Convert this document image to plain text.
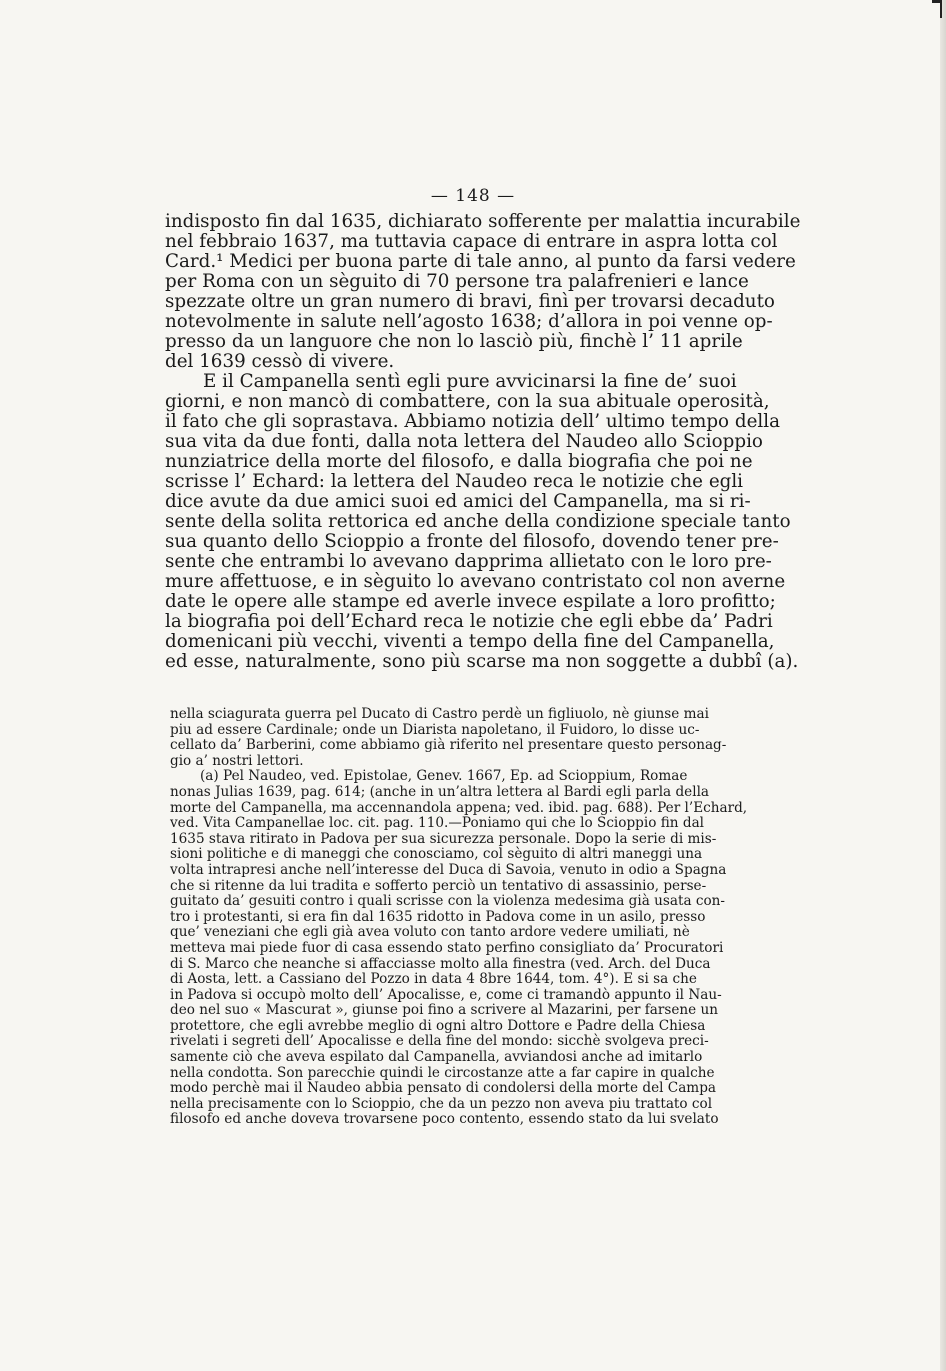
— 148 —
indisposto fin dal 1635, dichiarato sofferente per malattia incurabile
nel febbraio 1637, ma tuttavia capace di entrare in aspra lotta col
Card.¹ Medici per buona parte di tale anno, al punto da farsi vedere
per Roma con un sèguito di 70 persone tra palafrenieri e lance
spezzate oltre un gran numero di bravi, finì per trovarsi decaduto
notevolmente in salute nell’agosto 1638; d’allora in poi venne op-
presso da un languore che non lo lasciò più, finchè l’ 11 aprile
del 1639 cessò di vivere.
E il Campanella sentì egli pure avvicinarsi la fine de’ suoi
giorni, e non mancò di combattere, con la sua abituale operosità,
il fato che gli soprastava. Abbiamo notizia dell’ ultimo tempo della
sua vita da due fonti, dalla nota lettera del Naudeo allo Scioppio
nunziatrice della morte del filosofo, e dalla biografia che poi ne
scrisse l’ Echard: la lettera del Naudeo reca le notizie che egli
dice avute da due amici suoi ed amici del Campanella, ma si ri-
sente della solita rettorica ed anche della condizione speciale tanto
sua quanto dello Scioppio a fronte del filosofo, dovendo tener pre-
sente che entrambi lo avevano dapprima allietato con le loro pre-
mure affettuose, e in sèguito lo avevano contristato col non averne
date le opere alle stampe ed averle invece espilate a loro profitto;
la biografia poi dell’Echard reca le notizie che egli ebbe da’ Padri
domenicani più vecchi, viventi a tempo della fine del Campanella,
ed esse, naturalmente, sono più scarse ma non soggette a dubbî (a).
nella sciagurata guerra pel Ducato di Castro perdè un figliuolo, nè giunse mai
piu ad essere Cardinale; onde un Diarista napoletano, il Fuidoro, lo disse uc-
cellato da’ Barberini, come abbiamo già riferito nel presentare questo personag-
gio a’ nostri lettori.
(a) Pel Naudeo, ved. Epistolae, Genev. 1667, Ep. ad Scioppium, Romae
nonas Julias 1639, pag. 614; (anche in un’altra lettera al Bardi egli parla della
morte del Campanella, ma accennandola appena; ved. ibid. pag. 688). Per l’Echard,
ved. Vita Campanellae loc. cit. pag. 110.—Poniamo qui che lo Scioppio fin dal
1635 stava ritirato in Padova per sua sicurezza personale. Dopo la serie di mis-
sioni politiche e di maneggi che conosciamo, col sèguito di altri maneggi una
volta intrapresi anche nell’interesse del Duca di Savoia, venuto in odio a Spagna
che si ritenne da lui tradita e sofferto perciò un tentativo di assassinio, perse-
guitato da’ gesuiti contro i quali scrisse con la violenza medesima già usata con-
tro i protestanti, si era fin dal 1635 ridotto in Padova come in un asilo, presso
que’ veneziani che egli già avea voluto con tanto ardore vedere umiliati, nè
metteva mai piede fuor di casa essendo stato perfino consigliato da’ Procuratori
di S. Marco che neanche si affacciasse molto alla finestra (ved. Arch. del Duca
di Aosta, lett. a Cassiano del Pozzo in data 4 8bre 1644, tom. 4°). E si sa che
in Padova si occupò molto dell’ Apocalisse, e, come ci tramandò appunto il Nau-
deo nel suo « Mascurat », giunse poi fino a scrivere al Mazarini, per farsene un
protettore, che egli avrebbe meglio di ogni altro Dottore e Padre della Chiesa
rivelati i segreti dell’ Apocalisse e della fine del mondo: sicchè svolgeva preci-
samente ciò che aveva espilato dal Campanella, avviandosi anche ad imitarlo
nella condotta. Son parecchie quindi le circostanze atte a far capire in qualche
modo perchè mai il Naudeo abbia pensato di condolersi della morte del Campa
nella precisamente con lo Scioppio, che da un pezzo non aveva piu trattato col
filosofo ed anche doveva trovarsene poco contento, essendo stato da lui svelato
